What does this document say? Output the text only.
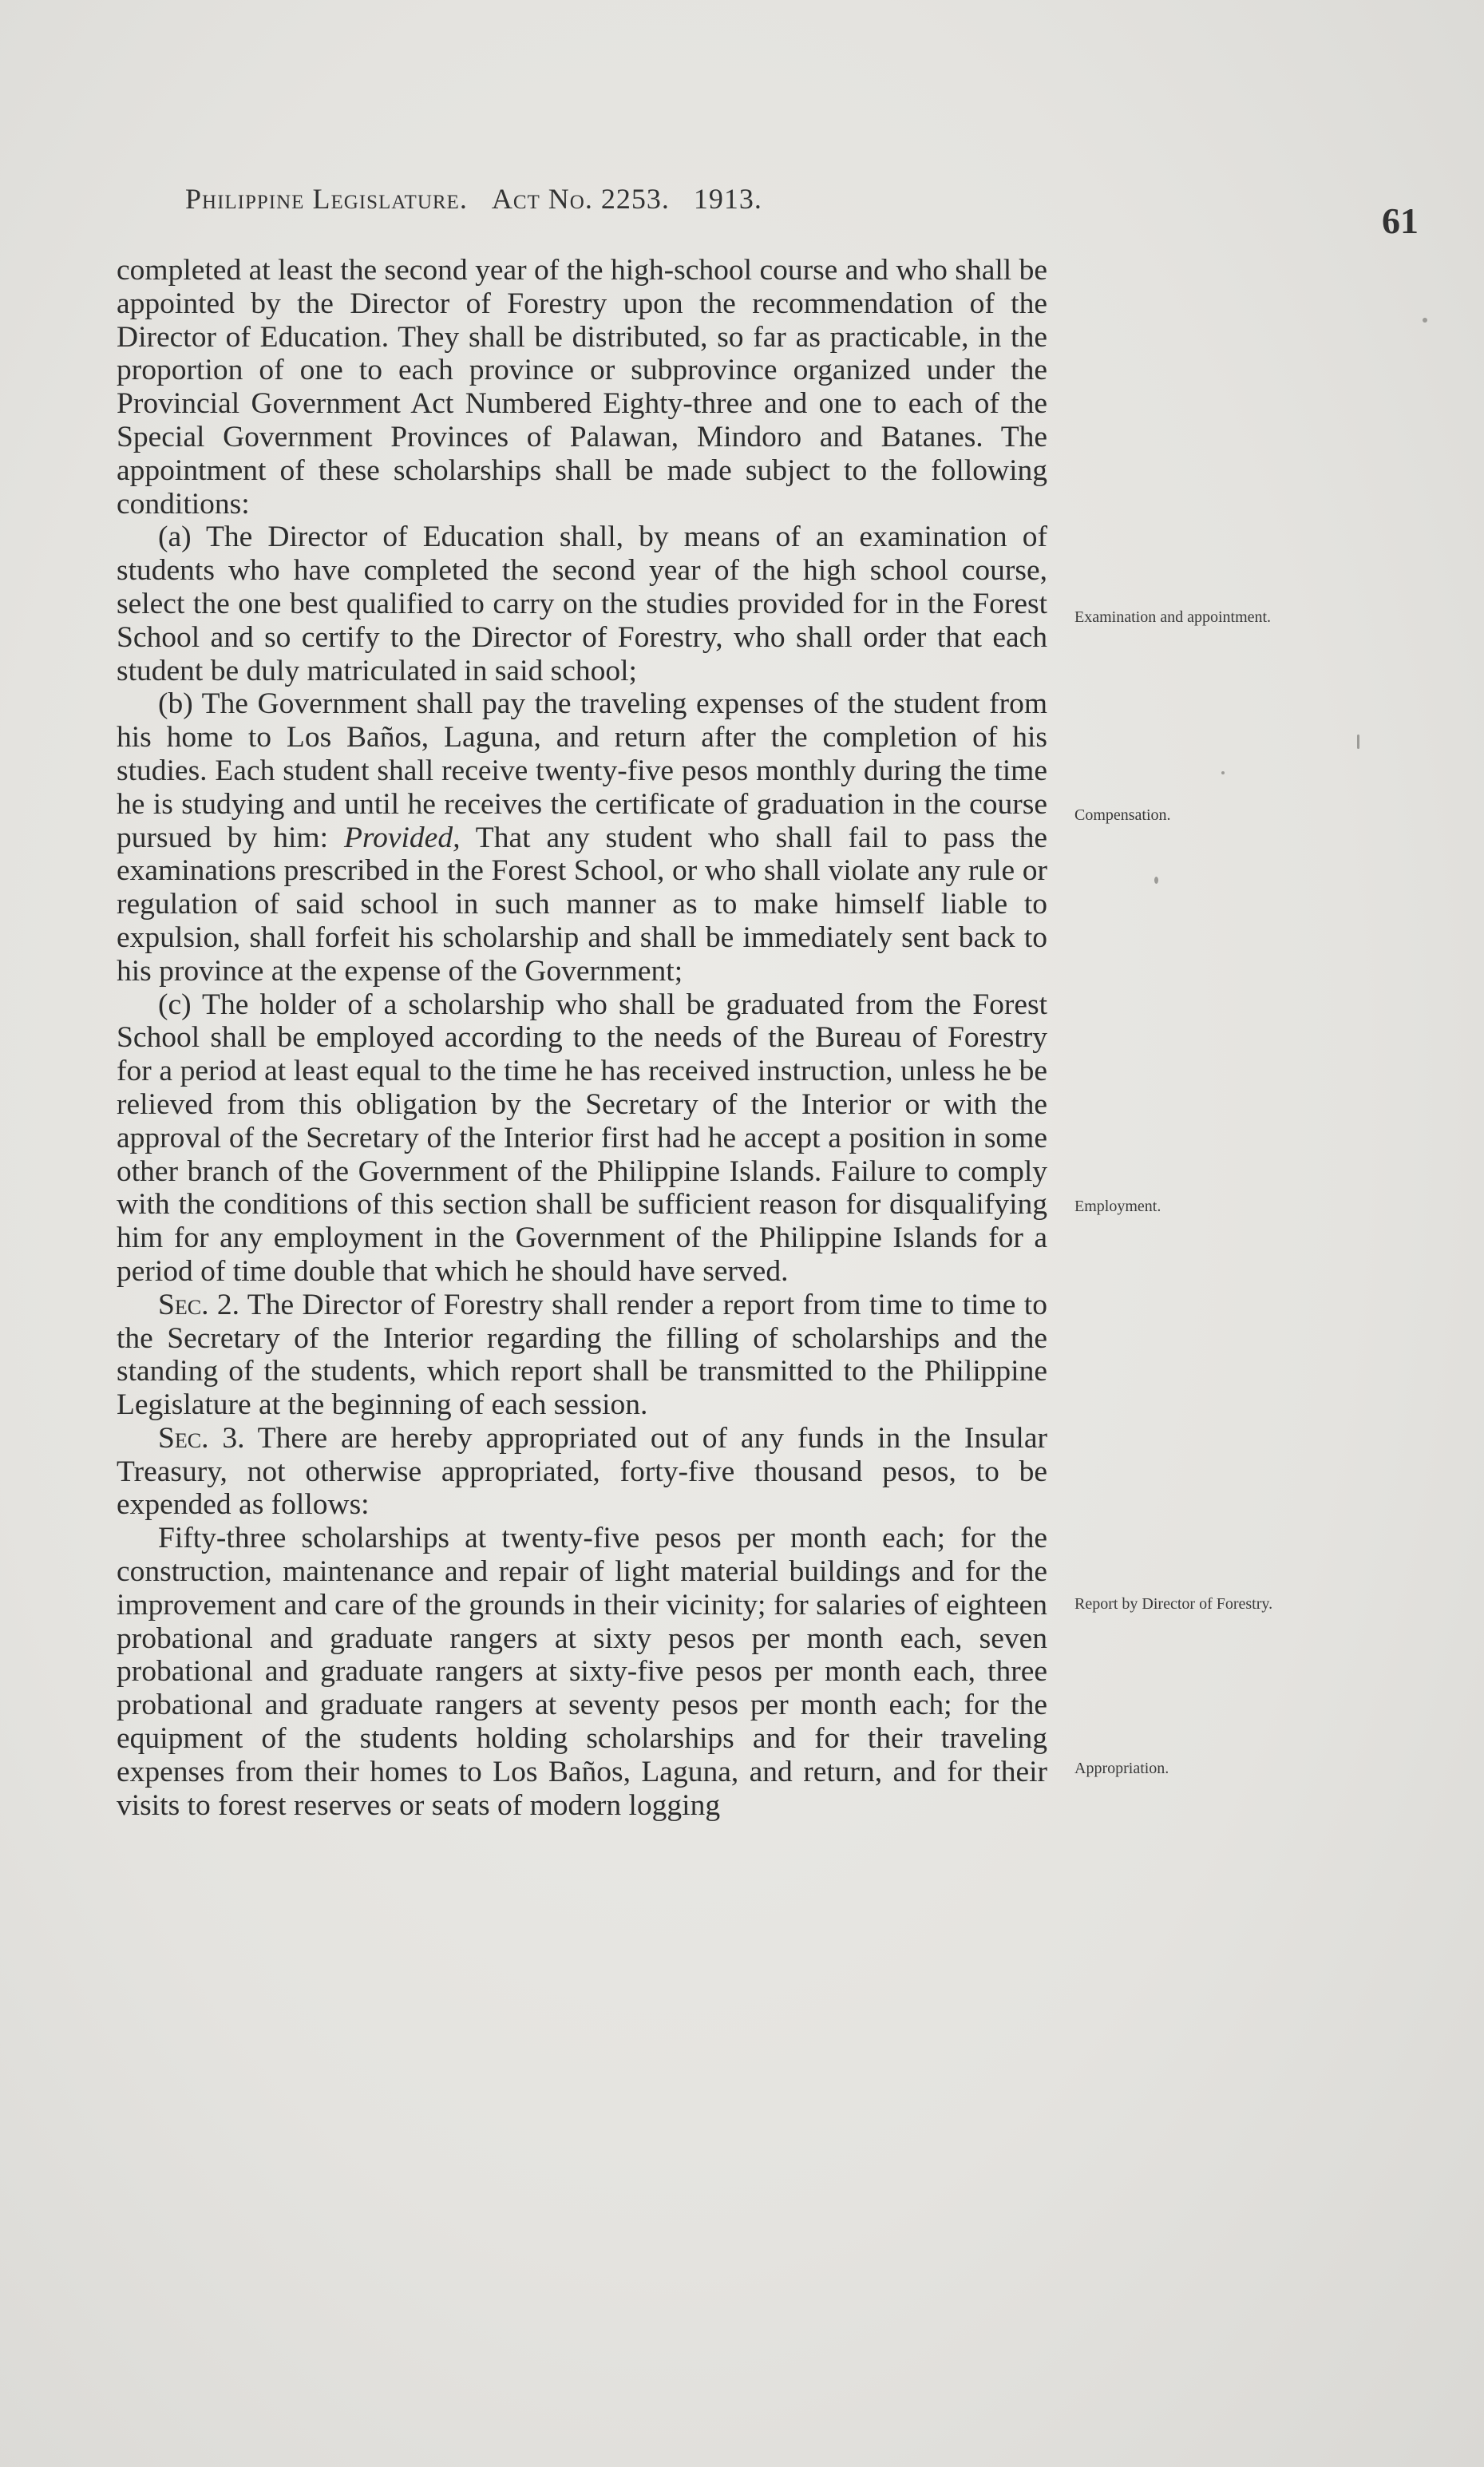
Philippine Legislature. Act No. 2253. 1913.
61

completed at least the second year of the high-school course and who shall be appointed by the Director of Forestry upon the recommendation of the Director of Education. They shall be distributed, so far as practicable, in the proportion of one to each province or subprovince organized under the Provincial Government Act Numbered Eighty-three and one to each of the Special Government Provinces of Palawan, Mindoro and Batanes. The appointment of these scholarships shall be made subject to the following conditions:

(a) The Director of Education shall, by means of an examination of students who have completed the second year of the high school course, select the one best qualified to carry on the studies provided for in the Forest School and so certify to the Director of Forestry, who shall order that each student be duly matriculated in said school;

(b) The Government shall pay the traveling expenses of the student from his home to Los Baños, Laguna, and return after the completion of his studies. Each student shall receive twenty-five pesos monthly during the time he is studying and until he receives the certificate of graduation in the course pursued by him: Provided, That any student who shall fail to pass the examinations prescribed in the Forest School, or who shall violate any rule or regulation of said school in such manner as to make himself liable to expulsion, shall forfeit his scholarship and shall be immediately sent back to his province at the expense of the Government;

(c) The holder of a scholarship who shall be graduated from the Forest School shall be employed according to the needs of the Bureau of Forestry for a period at least equal to the time he has received instruction, unless he be relieved from this obligation by the Secretary of the Interior or with the approval of the Secretary of the Interior first had he accept a position in some other branch of the Government of the Philippine Islands. Failure to comply with the conditions of this section shall be sufficient reason for disqualifying him for any employment in the Government of the Philippine Islands for a period of time double that which he should have served.

Sec. 2. The Director of Forestry shall render a report from time to time to the Secretary of the Interior regarding the filling of scholarships and the standing of the students, which report shall be transmitted to the Philippine Legislature at the beginning of each session.

Sec. 3. There are hereby appropriated out of any funds in the Insular Treasury, not otherwise appropriated, forty-five thousand pesos, to be expended as follows:

Fifty-three scholarships at twenty-five pesos per month each; for the construction, maintenance and repair of light material buildings and for the improvement and care of the grounds in their vicinity; for salaries of eighteen probational and graduate rangers at sixty pesos per month each, seven probational and graduate rangers at sixty-five pesos per month each, three probational and graduate rangers at seventy pesos per month each; for the equipment of the students holding scholarships and for their traveling expenses from their homes to Los Baños, Laguna, and return, and for their visits to forest reserves or seats of modern logging

Examination and appointment.
Compensation.
Employment.
Report by Director of Forestry.
Appropriation.
